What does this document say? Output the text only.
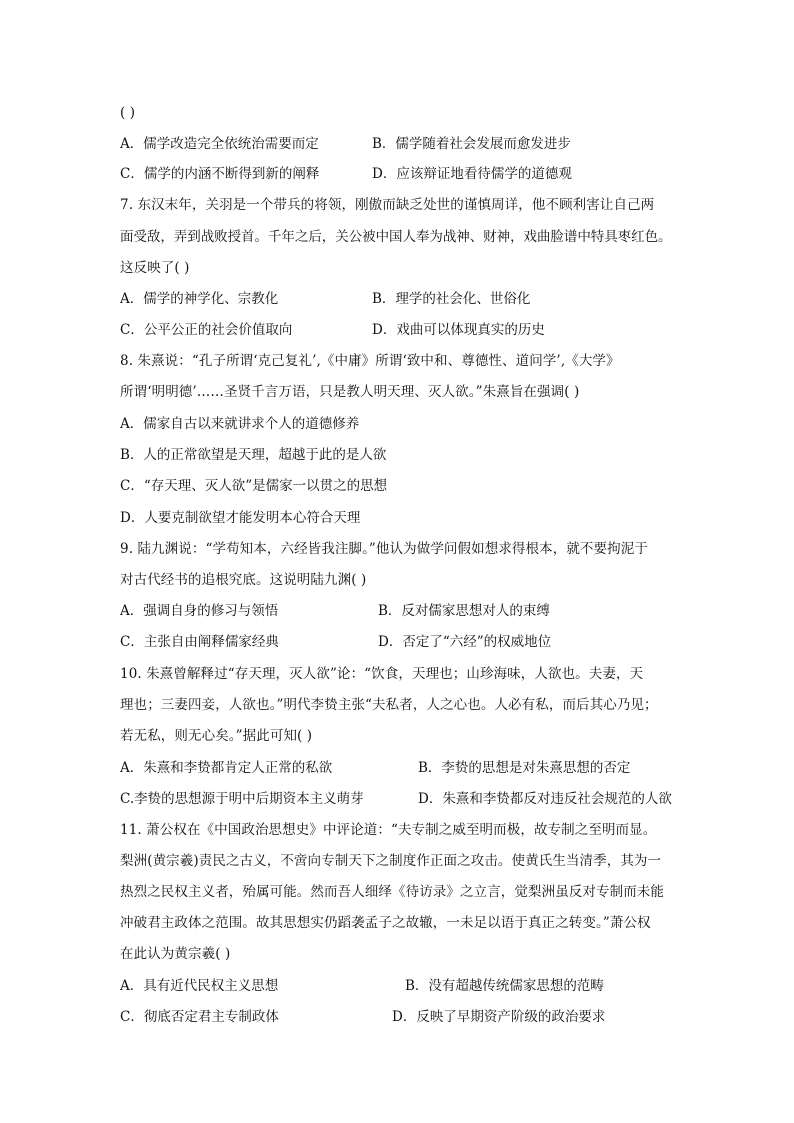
( )
A．儒学改造完全依统治需要而定	B．儒学随着社会发展而愈发进步
C．儒学的内涵不断得到新的阐释	D．应该辩证地看待儒学的道德观
7. 东汉末年，关羽是一个带兵的将领，刚傲而缺乏处世的谨慎周详，他不顾利害让自己两
面受敌，弄到战败授首。千年之后，关公被中国人奉为战神、财神，戏曲脸谱中特具枣红色。
这反映了( )
A．儒学的神学化、宗教化	B．理学的社会化、世俗化
C．公平公正的社会价值取向	D．戏曲可以体现真实的历史
8. 朱熹说：“孔子所谓‘克己复礼’,《中庸》所谓‘致中和、尊德性、道问学’,《大学》
所谓‘明明德’……圣贤千言万语，只是教人明天理、灭人欲。”朱熹旨在强调( )
A．儒家自古以来就讲求个人的道德修养
B．人的正常欲望是天理，超越于此的是人欲
C．“存天理、灭人欲”是儒家一以贯之的思想
D．人要克制欲望才能发明本心符合天理
9. 陆九渊说：“学苟知本，六经皆我注脚。”他认为做学问假如想求得根本，就不要拘泥于
对古代经书的追根究底。这说明陆九渊( )
A．强调自身的修习与领悟	B．反对儒家思想对人的束缚
C．主张自由阐释儒家经典	D．否定了“六经”的权威地位
10. 朱熹曾解释过“存天理，灭人欲”论：“饮食，天理也；山珍海味，人欲也。夫妻，天
理也；三妻四妾，人欲也。”明代李贽主张“夫私者，人之心也。人必有私，而后其心乃见；
若无私，则无心矣。”据此可知( )
A．朱熹和李贽都肯定人正常的私欲	B．李贽的思想是对朱熹思想的否定
C.李贽的思想源于明中后期资本主义萌芽	D．朱熹和李贽都反对违反社会规范的人欲
11. 萧公权在《中国政治思想史》中评论道：“夫专制之威至明而极，故专制之至明而显。
梨洲(黄宗羲)责民之古义，不啻向专制天下之制度作正面之攻击。使黄氏生当清季，其为一
热烈之民权主义者，殆属可能。然而吾人细绎《待访录》之立言，觉梨洲虽反对专制而未能
冲破君主政体之范围。故其思想实仍蹈袭孟子之故辙，一未足以语于真正之转变。”萧公权
在此认为黄宗羲( )
A．具有近代民权主义思想	B．没有超越传统儒家思想的范畴
C．彻底否定君主专制政体	D．反映了早期资产阶级的政治要求
